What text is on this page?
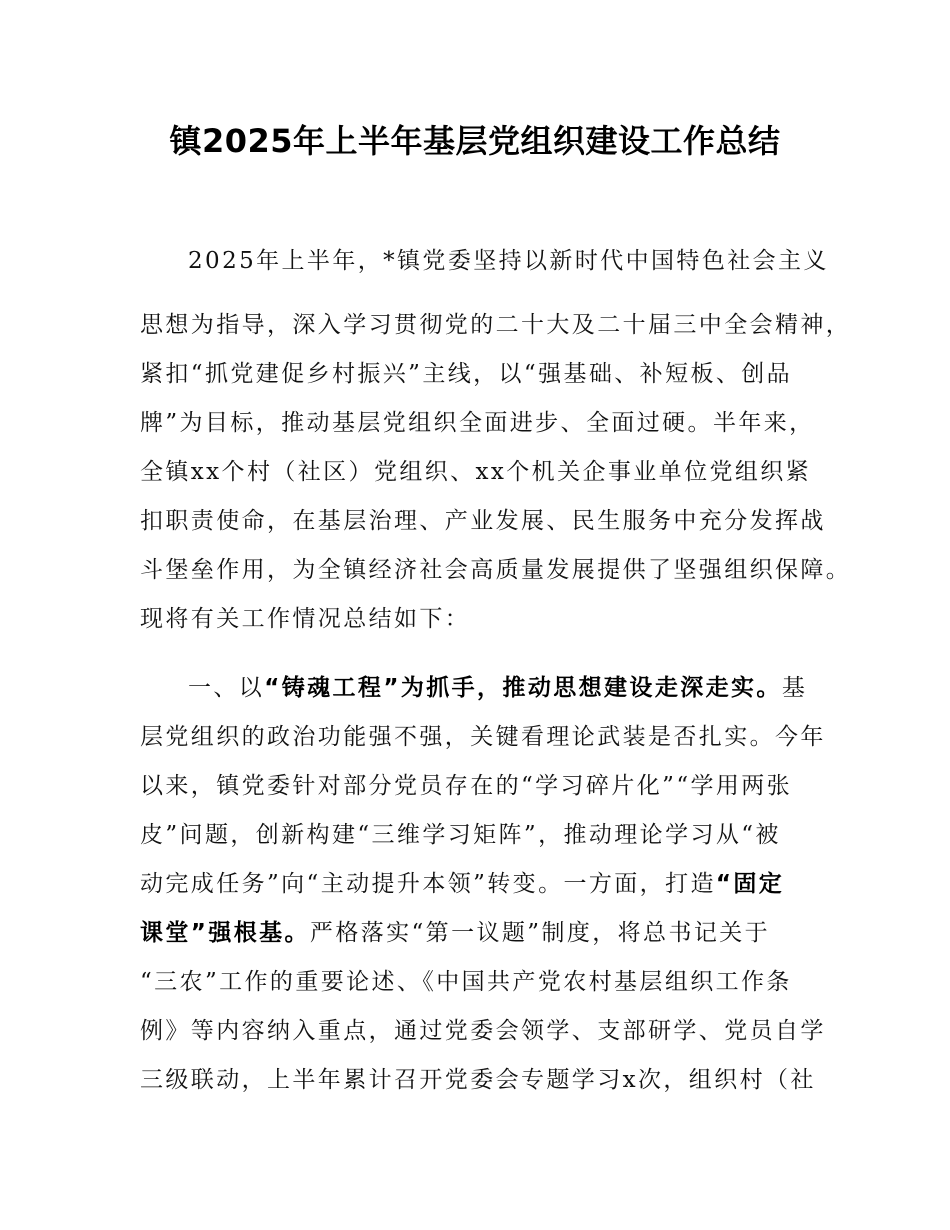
镇2025年上半年基层党组织建设工作总结
2025年上半年，*镇党委坚持以新时代中国特色社会主义
思想为指导，深入学习贯彻党的二十大及二十届三中全会精神，
紧扣“抓党建促乡村振兴”主线，以“强基础、补短板、创品
牌”为目标，推动基层党组织全面进步、全面过硬。半年来，
全镇xx个村（社区）党组织、xx个机关企事业单位党组织紧
扣职责使命，在基层治理、产业发展、民生服务中充分发挥战
斗堡垒作用，为全镇经济社会高质量发展提供了坚强组织保障。
现将有关工作情况总结如下：
一、以“铸魂工程”为抓手，推动思想建设走深走实。基
层党组织的政治功能强不强，关键看理论武装是否扎实。今年
以来，镇党委针对部分党员存在的“学习碎片化”“学用两张
皮”问题，创新构建“三维学习矩阵”，推动理论学习从“被
动完成任务”向“主动提升本领”转变。一方面，打造“固定
课堂”强根基。严格落实“第一议题”制度，将总书记关于
“三农”工作的重要论述、《中国共产党农村基层组织工作条
例》等内容纳入重点，通过党委会领学、支部研学、党员自学
三级联动，上半年累计召开党委会专题学习x次，组织村（社
